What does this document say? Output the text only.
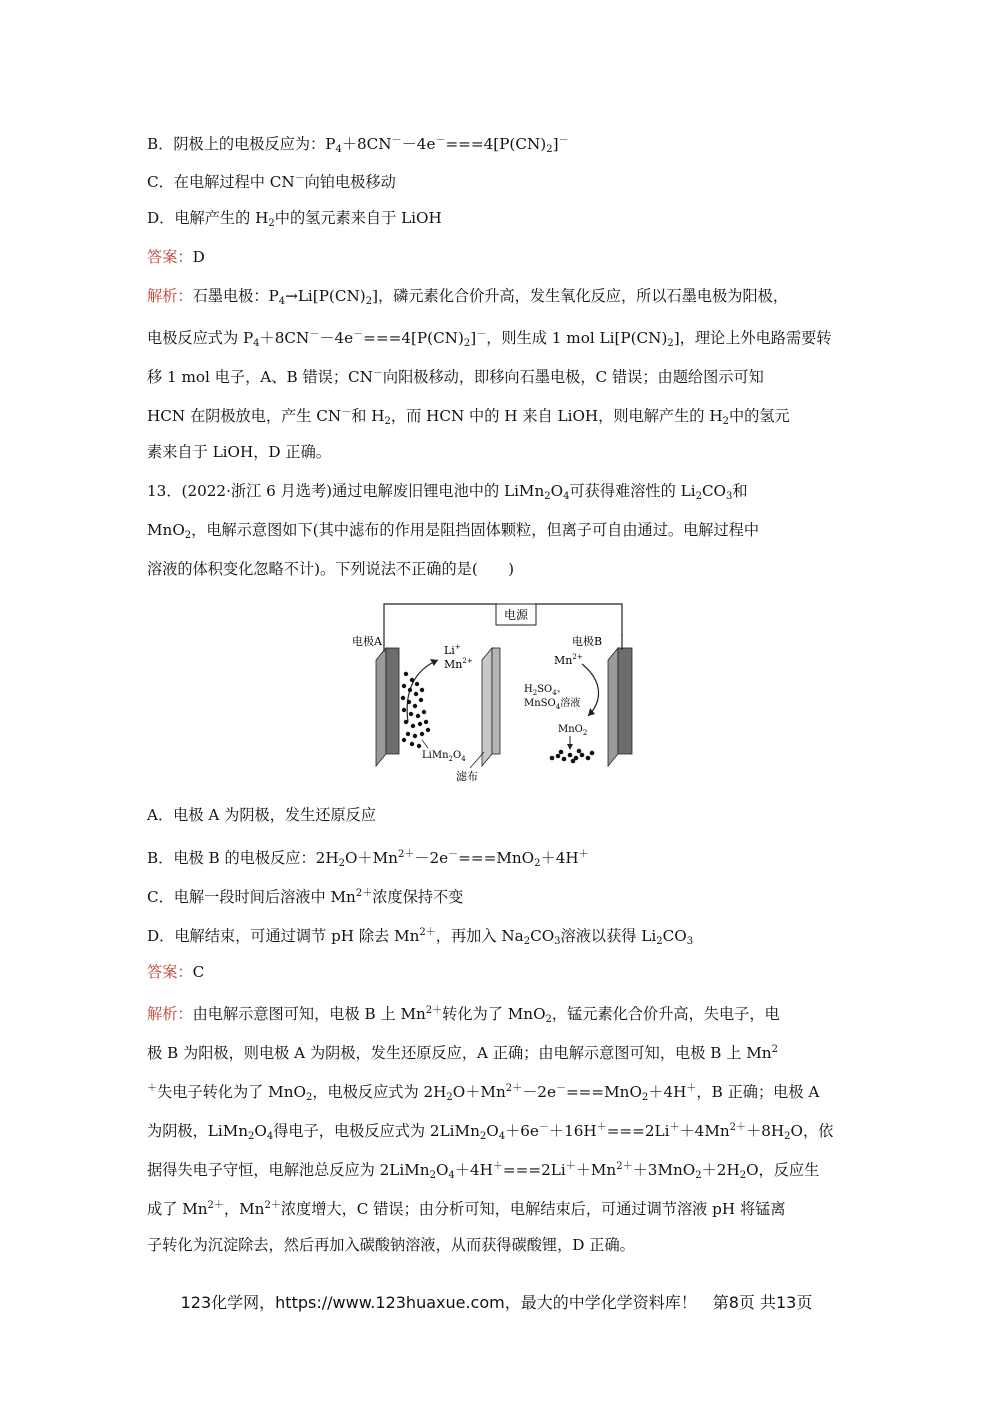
B．阴极上的电极反应为：$P_4+8CN^--4e^-===4[P(CN)_2]^-$
C．在电解过程中 CN－向铂电极移动
D．电解产生的 $H_2$中的氢元素来自于 LiOH
答案：D
解析：石墨电极：$P_4\to Li[P(CN)_2]$，磷元素化合价升高，发生氧化反应，所以石墨电极为阳极，
电极反应式为 $P_4+8CN^--4e^-===4[P(CN)_2]^-$，则生成 1 mol $Li[P(CN)_2]$，理论上外电路需要转
移 1 mol 电子，A、B 错误；CN－向阳极移动，即移向石墨电极，C 错误；由题给图示可知
HCN 在阴极放电，产生 CN－和 $H_2$，而 HCN 中的 H 来自 LiOH，则电解产生的 $H_2$中的氢元
素来自于 LiOH，D 正确。
13．(2022·浙江 6 月选考)通过电解废旧锂电池中的 $LiMn_2O_4$可获得难溶性的 $Li_2CO_3$和
MnO$_2$，电解示意图如下(其中滤布的作用是阻挡固体颗粒，但离子可自由通过。电解过程中
溶液的体积变化忽略不计)。下列说法不正确的是(　　)
电源
电极A
滤布
电极B
Li+
$Mn^{2+}$
$LiMn_2O_4$
$H_2SO_4$、
MnSO$_4$溶液
$Mn^{2+}$
MnO$_2$
A．电极 A 为阴极，发生还原反应
B．电极 B 的电极反应：$2H_2O+Mn^{2+}-2e^-===MnO_2+4H^+$
C．电解一段时间后溶液中 $Mn^{2+}$浓度保持不变
D．电解结束，可通过调节 pH 除去 $Mn^{2+}$，再加入 $Na_2CO_3$溶液以获得 $Li_2CO_3$
答案：C
解析：由电解示意图可知，电极 B 上 $Mn^{2+}$转化为了 MnO$_2$，锰元素化合价升高，失电子，电
极 B 为阳极，则电极 A 为阴极，发生还原反应，A 正确；由电解示意图可知，电极 B 上 Mn$^2$
＋失电子转化为了 MnO$_2$，电极反应式为 $2H_2O+Mn^{2+}-2e^-===MnO_2+4H^+$，B 正确；电极 A
为阴极，$LiMn_2O_4$得电子，电极反应式为 $2LiMn_2O_4+6e^-+16H^+===2Li^++4Mn^{2+}+8H_2O$，依
据得失电子守恒，电解池总反应为 $2LiMn_2O_4+4H^+===2Li^++Mn^{2+}+3MnO_2+2H_2O$，反应生
成了 $Mn^{2+}$，$Mn^{2+}$浓度增大，C 错误；由分析可知，电解结束后，可通过调节溶液 pH 将锰离
子转化为沉淀除去，然后再加入碳酸钠溶液，从而获得碳酸锂，D 正确。
123化学网，https://www.123huaxue.com，最大的中学化学资料库！　第8页 共13页
